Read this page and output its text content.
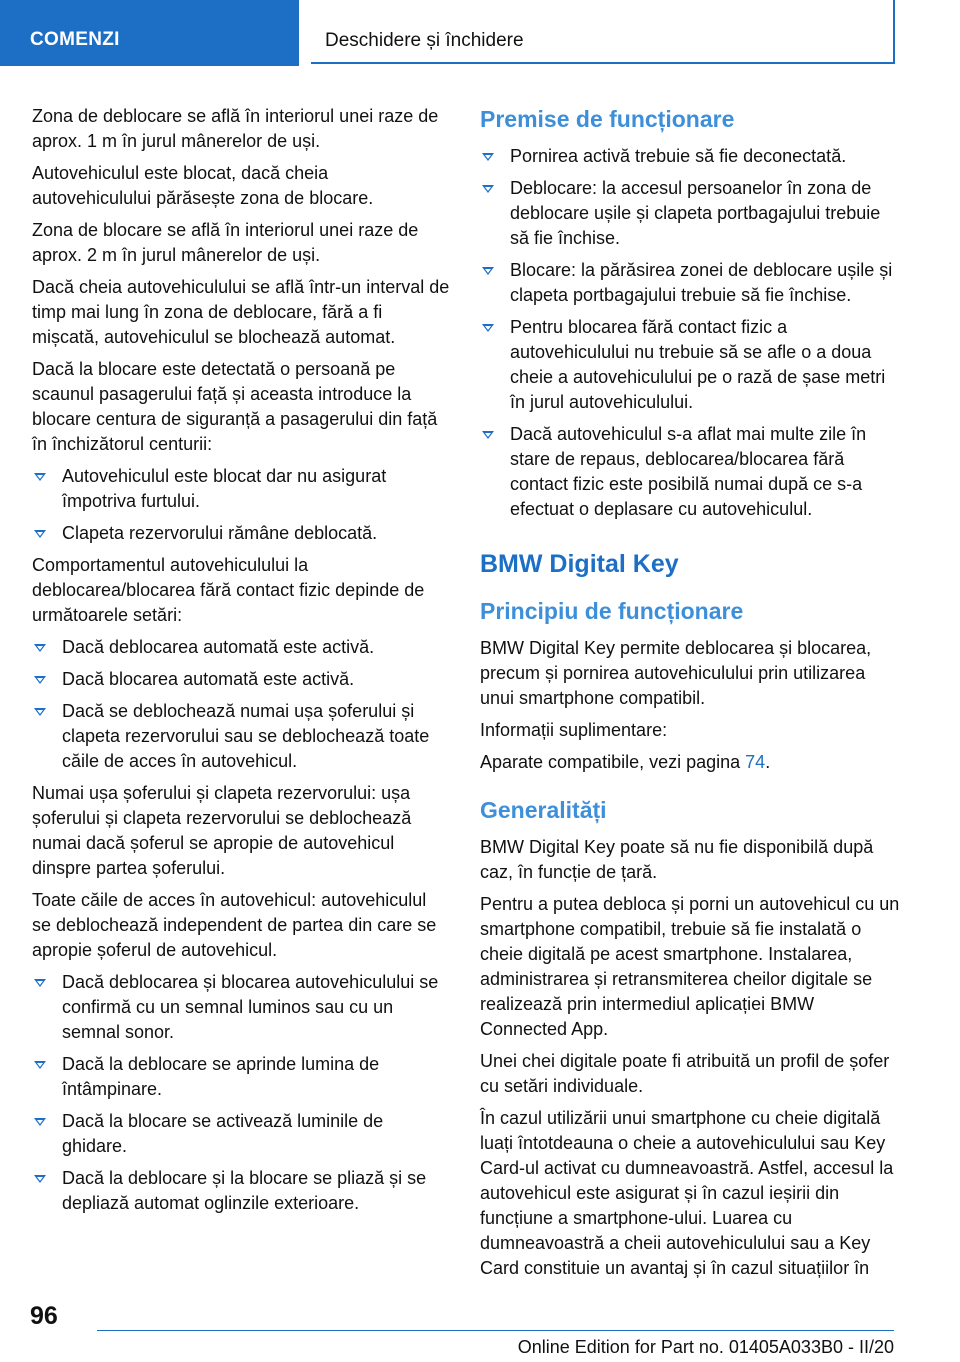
COMENZI	Deschidere și închidere

Zona de deblocare se află în interiorul unei raze de aprox. 1 m în jurul mânerelor de uși.

Autovehiculul este blocat, dacă cheia autovehiculului părăsește zona de blocare.

Zona de blocare se află în interiorul unei raze de aprox. 2 m în jurul mânerelor de uși.

Dacă cheia autovehiculului se află într-un interval de timp mai lung în zona de deblocare, fără a fi mișcată, autovehiculul se blochează automat.

Dacă la blocare este detectată o persoană pe scaunul pasagerului față și aceasta introduce la blocare centura de siguranță a pasagerului din față în închizătorul centurii:

Autovehiculul este blocat dar nu asigurat împotriva furtului.
Clapeta rezervorului rămâne deblocată.

Comportamentul autovehiculului la deblocarea/blocarea fără contact fizic depinde de următoarele setări:

Dacă deblocarea automată este activă.
Dacă blocarea automată este activă.
Dacă se deblochează numai ușa șoferului și clapeta rezervorului sau se deblochează toate căile de acces în autovehicul.

Numai ușa șoferului și clapeta rezervorului: ușa șoferului și clapeta rezervorului se deblochează numai dacă șoferul se apropie de autovehicul dinspre partea șoferului.

Toate căile de acces în autovehicul: autovehiculul se deblochează independent de partea din care se apropie șoferul de autovehicul.

Dacă deblocarea și blocarea autovehiculului se confirmă cu un semnal luminos sau cu un semnal sonor.
Dacă la deblocare se aprinde lumina de întâmpinare.
Dacă la blocare se activează luminile de ghidare.
Dacă la deblocare și la blocare se pliază și se depliază automat oglinzile exterioare.
Premise de funcționare
Pornirea activă trebuie să fie deconectată.
Deblocare: la accesul persoanelor în zona de deblocare ușile și clapeta portbagajului trebuie să fie închise.
Blocare: la părăsirea zonei de deblocare ușile și clapeta portbagajului trebuie să fie închise.
Pentru blocarea fără contact fizic a autovehiculului nu trebuie să se afle o a doua cheie a autovehiculului pe o rază de șase metri în jurul autovehiculului.
Dacă autovehiculul s-a aflat mai multe zile în stare de repaus, deblocarea/blocarea fără contact fizic este posibilă numai după ce s-a efectuat o deplasare cu autovehiculul.
BMW Digital Key
Principiu de funcționare

BMW Digital Key permite deblocarea și blocarea, precum și pornirea autovehiculului prin utilizarea unui smartphone compatibil.

Informații suplimentare:

Aparate compatibile, vezi pagina 74.

Generalități

BMW Digital Key poate să nu fie disponibilă după caz, în funcție de țară.

Pentru a putea debloca și porni un autovehicul cu un smartphone compatibil, trebuie să fie instalată o cheie digitală pe acest smartphone. Instalarea, administrarea și retransmiterea cheilor digitale se realizează prin intermediul aplicației BMW Connected App.

Unei chei digitale poate fi atribuită un profil de șofer cu setări individuale.

În cazul utilizării unui smartphone cu cheie digitală luați întotdeauna o cheie a autovehiculului sau Key Card-ul activat cu dumneavoastră. Astfel, accesul la autovehicul este asigurat și în cazul ieșirii din funcțiune a smartphone-ului. Luarea cu dumneavoastră a cheii autovehiculului sau a Key Card constituie un avantaj și în cazul situațiilor în

96
Online Edition for Part no. 01405A033B0 - II/20
